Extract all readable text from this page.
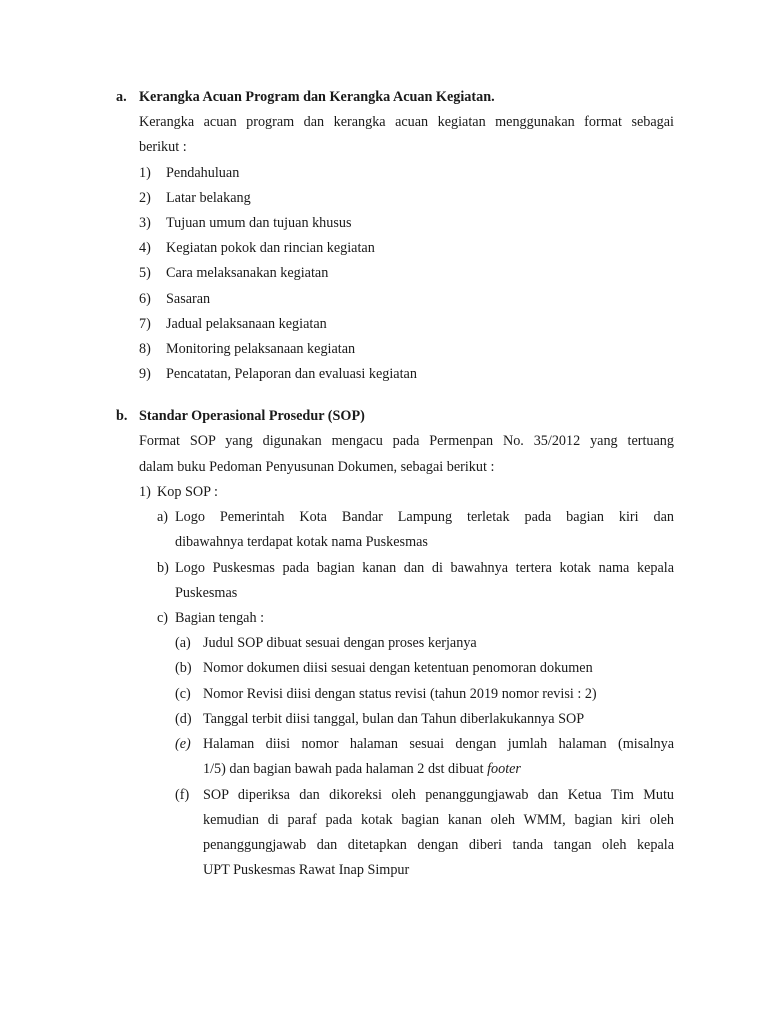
a. Kerangka Acuan Program dan Kerangka Acuan Kegiatan.
Kerangka acuan program dan kerangka acuan kegiatan menggunakan format sebagai
berikut :
1) Pendahuluan
2) Latar belakang
3) Tujuan umum dan tujuan khusus
4) Kegiatan pokok dan rincian kegiatan
5) Cara melaksanakan kegiatan
6) Sasaran
7) Jadual pelaksanaan kegiatan
8) Monitoring pelaksanaan kegiatan
9) Pencatatan, Pelaporan dan evaluasi kegiatan
b. Standar Operasional Prosedur (SOP)
Format SOP yang digunakan mengacu pada Permenpan No. 35/2012 yang tertuang
dalam buku Pedoman Penyusunan Dokumen, sebagai berikut :
1) Kop SOP :
a) Logo Pemerintah Kota Bandar Lampung terletak pada bagian kiri dan
dibawahnya terdapat kotak nama Puskesmas
b) Logo Puskesmas pada bagian kanan dan di bawahnya tertera kotak nama kepala
Puskesmas
c) Bagian tengah :
(a) Judul SOP dibuat sesuai dengan proses kerjanya
(b) Nomor dokumen diisi sesuai dengan ketentuan penomoran dokumen
(c) Nomor Revisi diisi dengan status revisi (tahun 2019 nomor revisi : 2)
(d) Tanggal terbit diisi tanggal, bulan dan Tahun diberlakukannya SOP
(e) Halaman diisi nomor halaman sesuai dengan jumlah halaman (misalnya
1/5) dan bagian bawah pada halaman 2 dst dibuat footer
(f) SOP diperiksa dan dikoreksi oleh penanggungjawab dan Ketua Tim Mutu
kemudian di paraf pada kotak bagian kanan oleh WMM, bagian kiri oleh
penanggungjawab dan ditetapkan dengan diberi tanda tangan oleh kepala
UPT Puskesmas Rawat Inap Simpur
